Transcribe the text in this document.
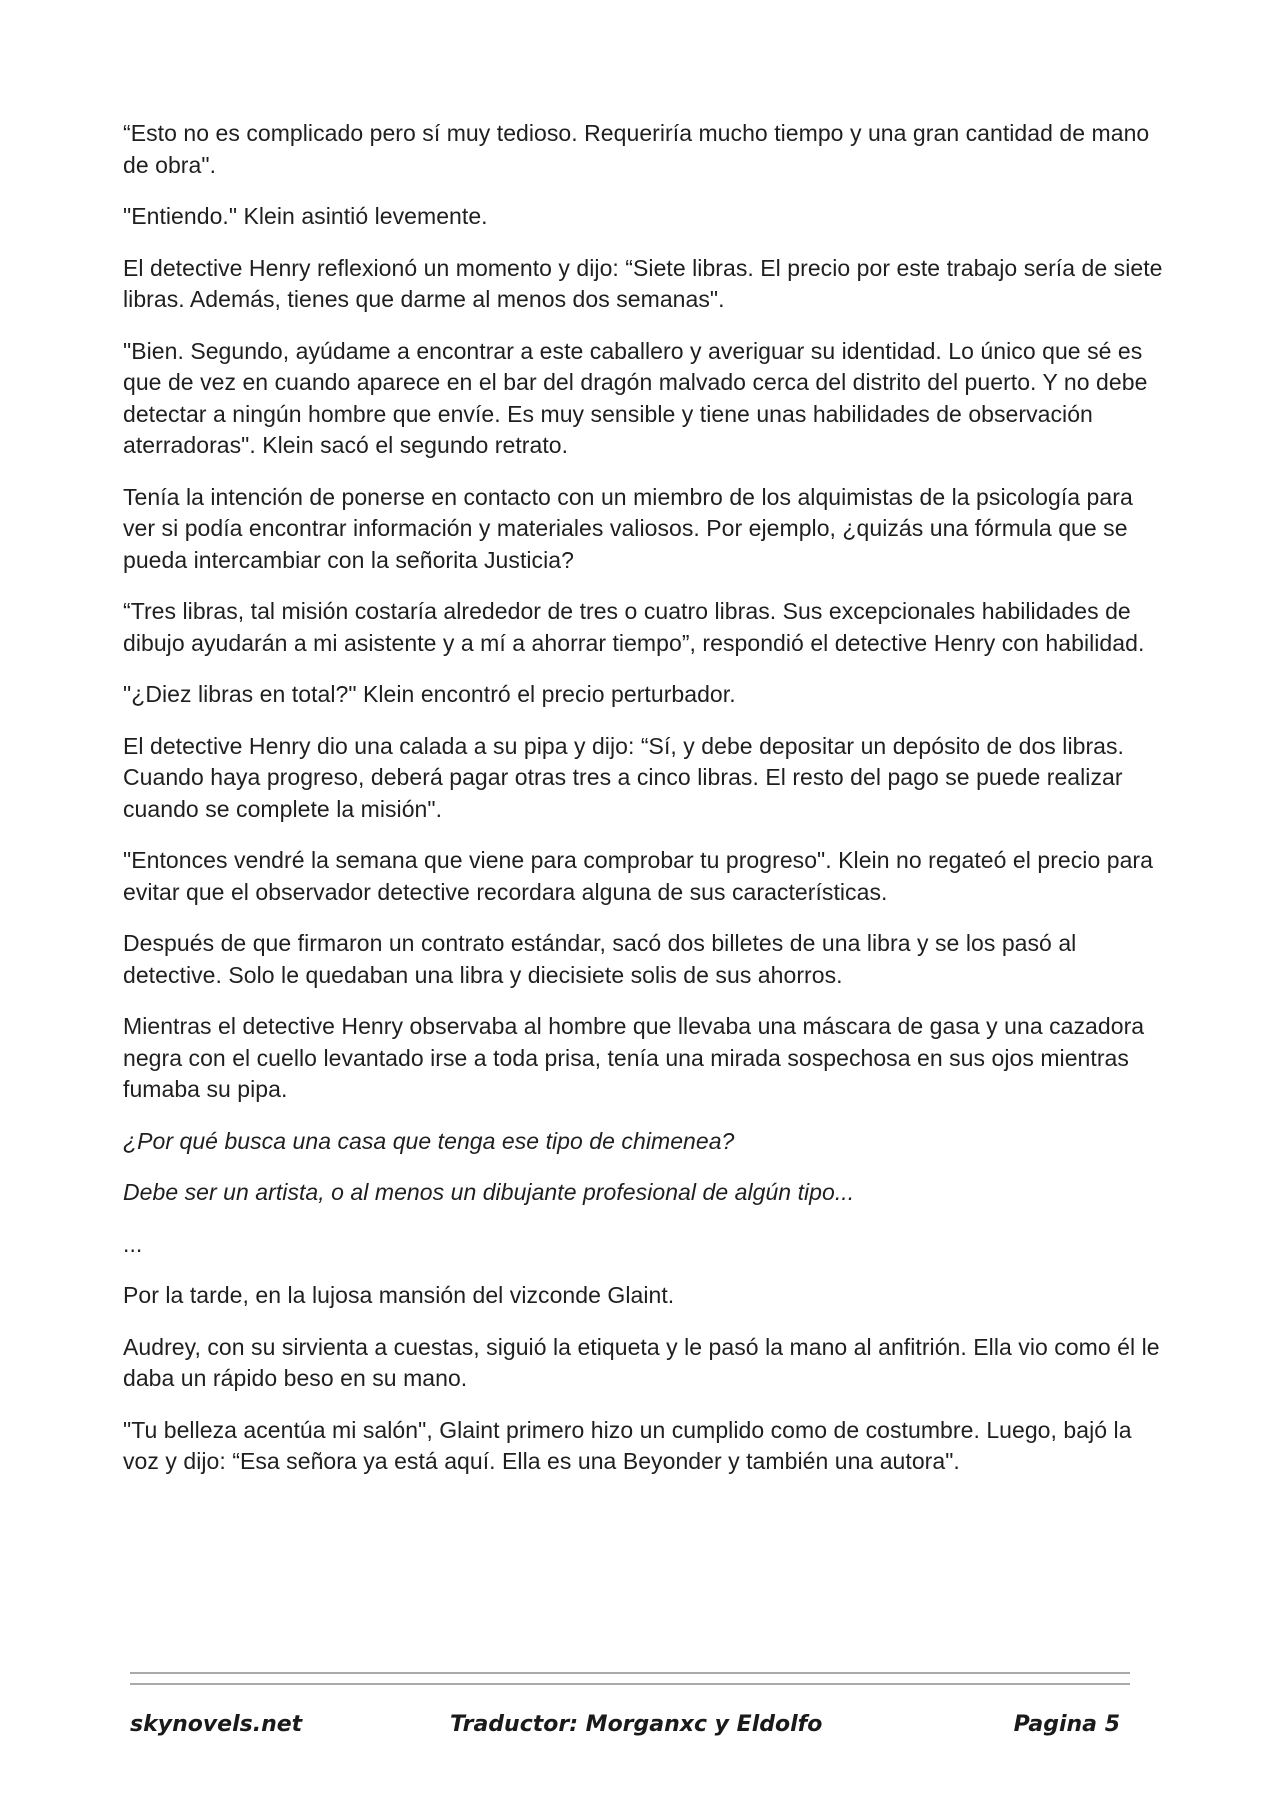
“Esto no es complicado pero sí muy tedioso. Requeriría mucho tiempo y una gran cantidad de mano de obra".

"Entiendo." Klein asintió levemente.

El detective Henry reflexionó un momento y dijo: “Siete libras. El precio por este trabajo sería de siete libras. Además, tienes que darme al menos dos semanas".

"Bien. Segundo, ayúdame a encontrar a este caballero y averiguar su identidad. Lo único que sé es que de vez en cuando aparece en el bar del dragón malvado cerca del distrito del puerto. Y no debe detectar a ningún hombre que envíe. Es muy sensible y tiene unas habilidades de observación aterradoras". Klein sacó el segundo retrato.

Tenía la intención de ponerse en contacto con un miembro de los alquimistas de la psicología para ver si podía encontrar información y materiales valiosos. Por ejemplo, ¿quizás una fórmula que se pueda intercambiar con la señorita Justicia?

“Tres libras, tal misión costaría alrededor de tres o cuatro libras. Sus excepcionales habilidades de dibujo ayudarán a mi asistente y a mí a ahorrar tiempo”, respondió el detective Henry con habilidad.

"¿Diez libras en total?" Klein encontró el precio perturbador.

El detective Henry dio una calada a su pipa y dijo: “Sí, y debe depositar un depósito de dos libras. Cuando haya progreso, deberá pagar otras tres a cinco libras. El resto del pago se puede realizar cuando se complete la misión".

"Entonces vendré la semana que viene para comprobar tu progreso". Klein no regateó el precio para evitar que el observador detective recordara alguna de sus características.

Después de que firmaron un contrato estándar, sacó dos billetes de una libra y se los pasó al detective. Solo le quedaban una libra y diecisiete solis de sus ahorros.

Mientras el detective Henry observaba al hombre que llevaba una máscara de gasa y una cazadora negra con el cuello levantado irse a toda prisa, tenía una mirada sospechosa en sus ojos mientras fumaba su pipa.

¿Por qué busca una casa que tenga ese tipo de chimenea?

Debe ser un artista, o al menos un dibujante profesional de algún tipo...

...

Por la tarde, en la lujosa mansión del vizconde Glaint.

Audrey, con su sirvienta a cuestas, siguió la etiqueta y le pasó la mano al anfitrión. Ella vio como él le daba un rápido beso en su mano.

"Tu belleza acentúa mi salón", Glaint primero hizo un cumplido como de costumbre. Luego, bajó la voz y dijo: “Esa señora ya está aquí. Ella es una Beyonder y también una autora".

skynovels.net	Traductor: Morganxc y Eldolfo	Pagina 5
